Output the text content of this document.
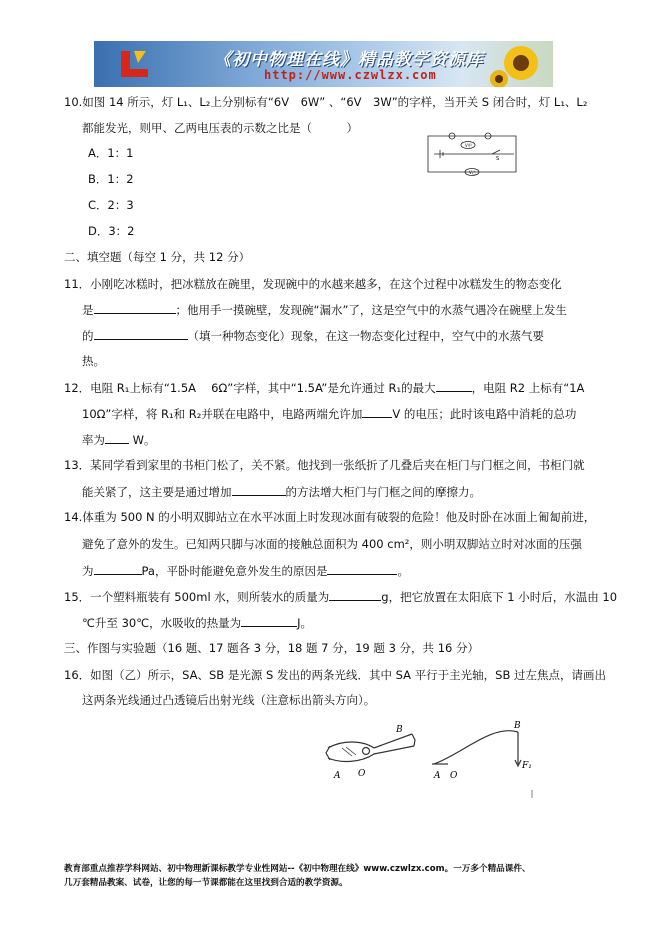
《初中物理在线》精品教学资源库
http://www.czwlzx.com
10.如图 14 所示，灯 L₁、L₂上分别标有“6V　6W” 、“6V　3W”的字样，当开关 S 闭合时，灯 L₁、L₂
都能发光，则甲、乙两电压表的示数之比是（　　　）
A．1：1
B．1：2
C．2：3
D．3：2
V甲
V乙
S
二、填空题（每空 1 分，共 12 分）
11．小刚吃冰糕时，把冰糕放在碗里，发现碗中的水越来越多，在这个过程中冰糕发生的物态变化
是	；他用手一摸碗壁，发现碗“漏水”了，这是空气中的水蒸气遇冷在碗壁上发生
的	（填一种物态变化）现象，在这一物态变化过程中，空气中的水蒸气要
热。
12．电阻 R₁上标有“1.5A　 6Ω”字样，其中“1.5A”是允许通过 R₁的最大	，电阻 R2 上标有“1A
10Ω”字样，将 R₁和 R₂并联在电路中，电路两端允许加	V 的电压；此时该电路中消耗的总功
率为 W。
13．某同学看到家里的书柜门松了，关不紧。他找到一张纸折了几叠后夹在柜门与门框之间，书柜门就
能关紧了，这主要是通过增加	的方法增大柜门与门框之间的摩擦力。
14.体重为 500 N 的小明双脚站立在水平冰面上时发现冰面有破裂的危险！他及时卧在冰面上匍匐前进，
避免了意外的发生。已知两只脚与冰面的接触总面积为 400 cm²，则小明双脚站立时对冰面的压强
为	Pa，平卧时能避免意外发生的原因是	。
15．一个塑料瓶装有 500ml 水，则所装水的质量为	g，把它放置在太阳底下 1 小时后，水温由 10
℃升至 30℃，水吸收的热量为	J。
三、作图与实验题（16 题、17 题各 3 分，18 题 7 分，19 题 3 分，共 16 分）
16．如图（乙）所示，SA、SB 是光源 S 发出的两条光线．其中 SA 平行于主光轴，SB 过左焦点，请画出
这两条光线通过凸透镜后出射光线（注意标出箭头方向）。
B
A O
B
A O
F₁
教育部重点推荐学科网站、初中物理新课标教学专业性网站--《初中物理在线》www.czwlzx.com。一万多个精品课件、
几万套精品教案、试卷，让您的每一节课都能在这里找到合适的教学资源。
